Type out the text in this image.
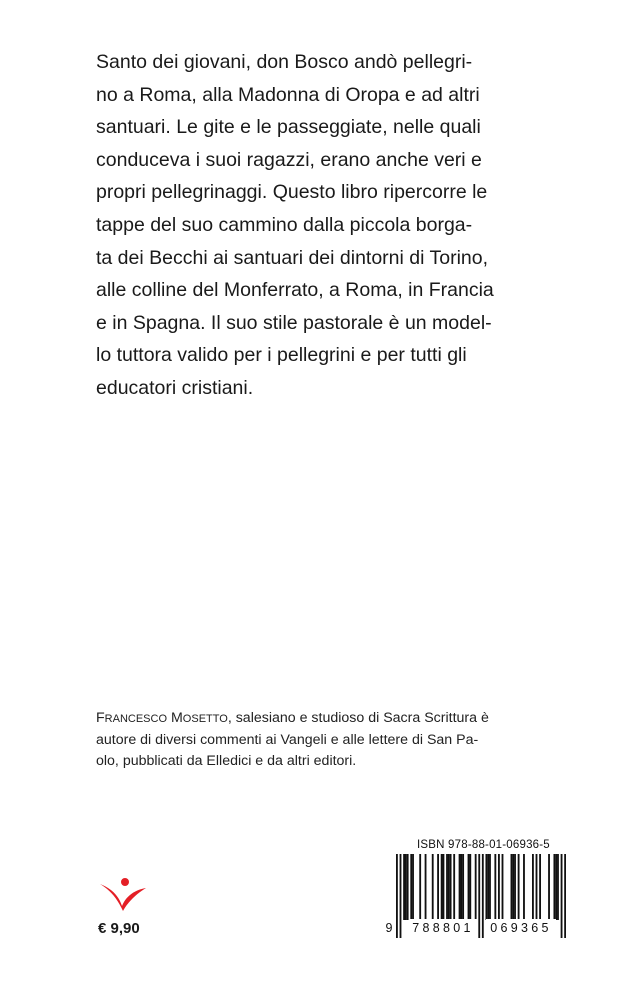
Santo dei giovani, don Bosco andò pellegri-
no a Roma, alla Madonna di Oropa e ad altri
santuari. Le gite e le passeggiate, nelle quali
conduceva i suoi ragazzi, erano anche veri e
propri pellegrinaggi. Questo libro ripercorre le
tappe del suo cammino dalla piccola borga-
ta dei Becchi ai santuari dei dintorni di Torino,
alle colline del Monferrato, a Roma, in Francia
e in Spagna. Il suo stile pastorale è un model-
lo tuttora valido per i pellegrini e per tutti gli
educatori cristiani.
FRANCESCO MOSETTO, salesiano e studioso di Sacra Scrittura è
autore di diversi commenti ai Vangeli e alle lettere di San Pa-
olo, pubblicati da Elledici e da altri editori.
€ 9,90
ISBN 978-88-01-06936-5
9 788801	069365
